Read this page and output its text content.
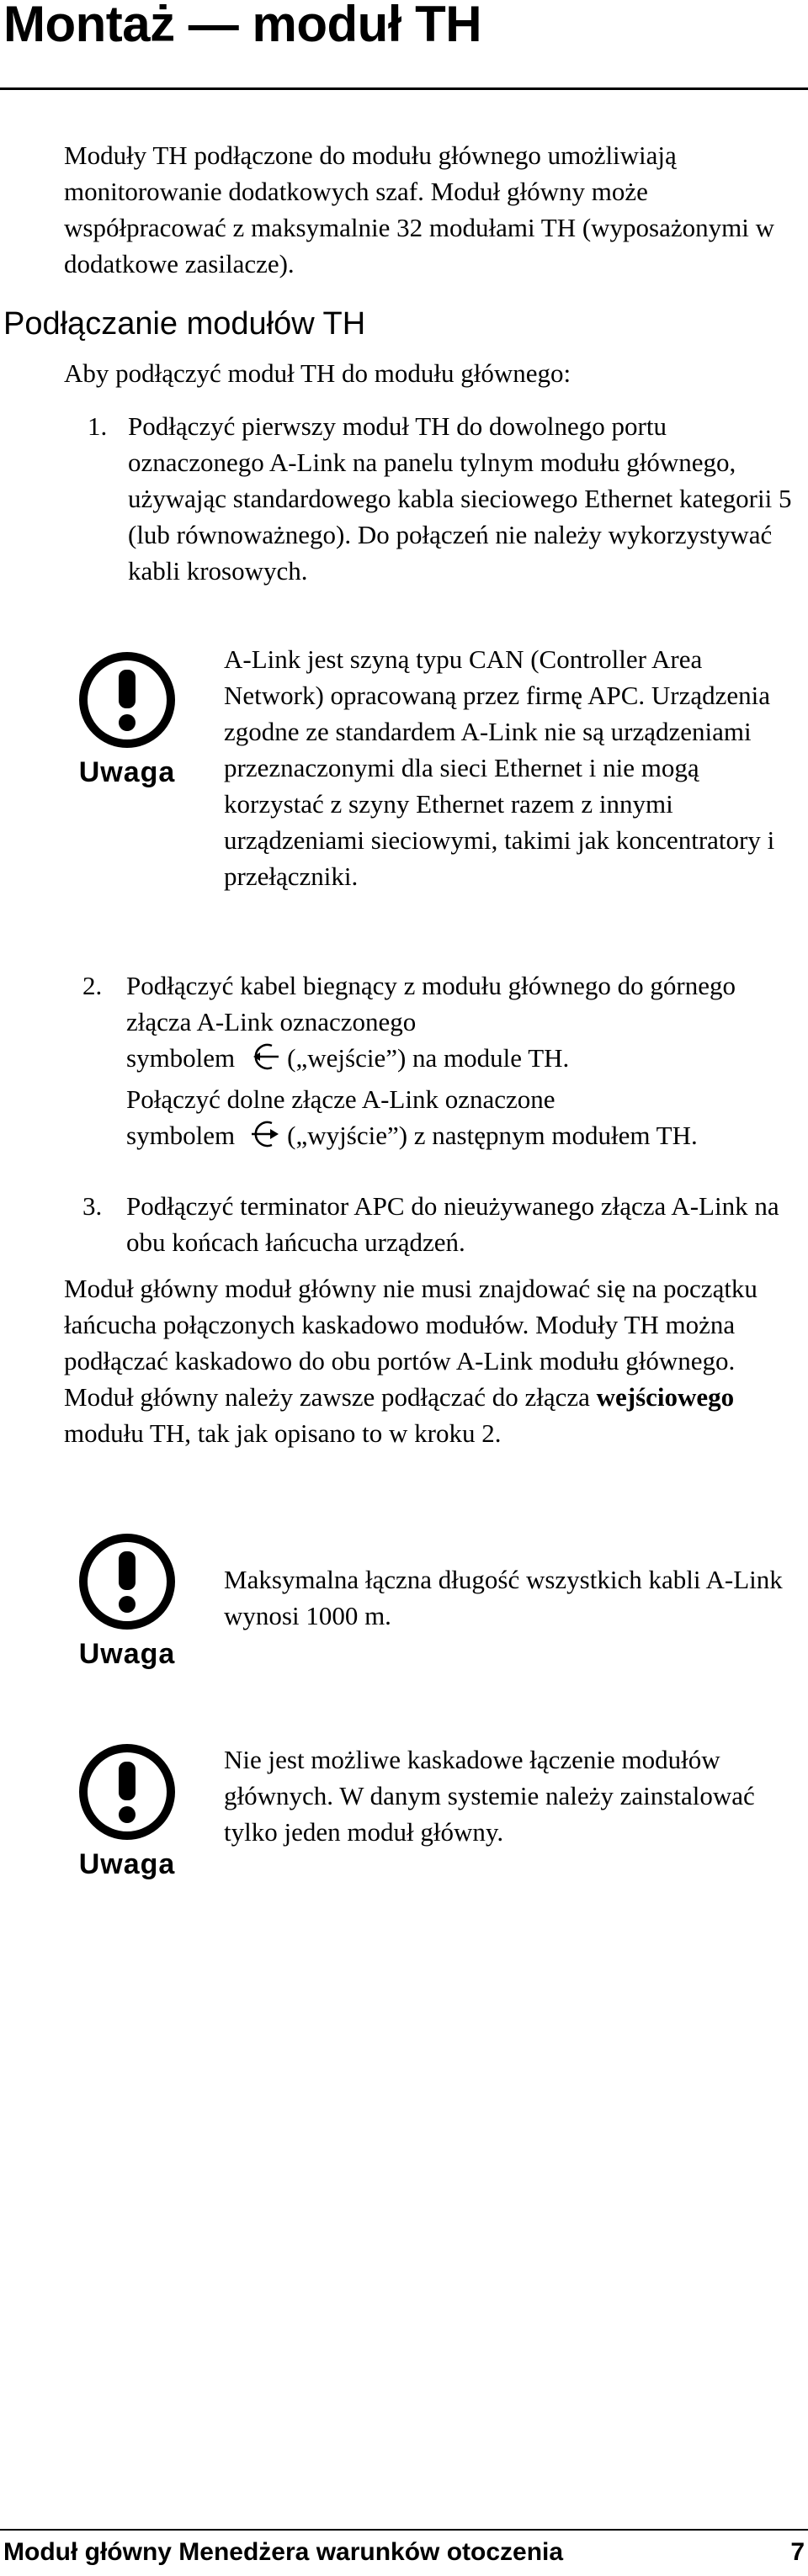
Montaż — moduł TH

Moduły TH podłączone do modułu głównego umożliwiają monitorowanie dodatkowych szaf. Moduł główny może współpracować z maksymalnie 32 modułami TH (wyposażonymi w dodatkowe zasilacze).

Podłączanie modułów TH

Aby podłączyć moduł TH do modułu głównego:

1. Podłączyć pierwszy moduł TH do dowolnego portu oznaczonego A-Link na panelu tylnym modułu głównego, używając standardowego kabla sieciowego Ethernet kategorii 5 (lub równoważnego). Do połączeń nie należy wykorzystywać kabli krosowych.

Uwaga

A-Link jest szyną typu CAN (Controller Area Network) opracowaną przez firmę APC. Urządzenia zgodne ze standardem A-Link nie są urządzeniami przeznaczonymi dla sieci Ethernet i nie mogą korzystać z szyny Ethernet razem z innymi urządzeniami sieciowymi, takimi jak koncentratory i przełączniki.

2. Podłączyć kabel biegnący z modułu głównego do górnego złącza A-Link oznaczonego
symbolem („wejście”) na module TH.
Połączyć dolne złącze A-Link oznaczone
symbolem („wyjście”) z następnym modułem TH.
3. Podłączyć terminator APC do nieużywanego złącza A-Link na obu końcach łańcucha urządzeń.

Moduł główny moduł główny nie musi znajdować się na początku łańcucha połączonych kaskadowo modułów. Moduły TH można podłączać kaskadowo do obu portów A-Link modułu głównego. Moduł główny należy zawsze podłączać do złącza wejściowego modułu TH, tak jak opisano to w kroku 2.

Uwaga

Maksymalna łączna długość wszystkich kabli A-Link wynosi 1000 m.

Uwaga

Nie jest możliwe kaskadowe łączenie modułów głównych. W danym systemie należy zainstalować tylko jeden moduł główny.

Moduł główny Menedżera warunków otoczenia	7
